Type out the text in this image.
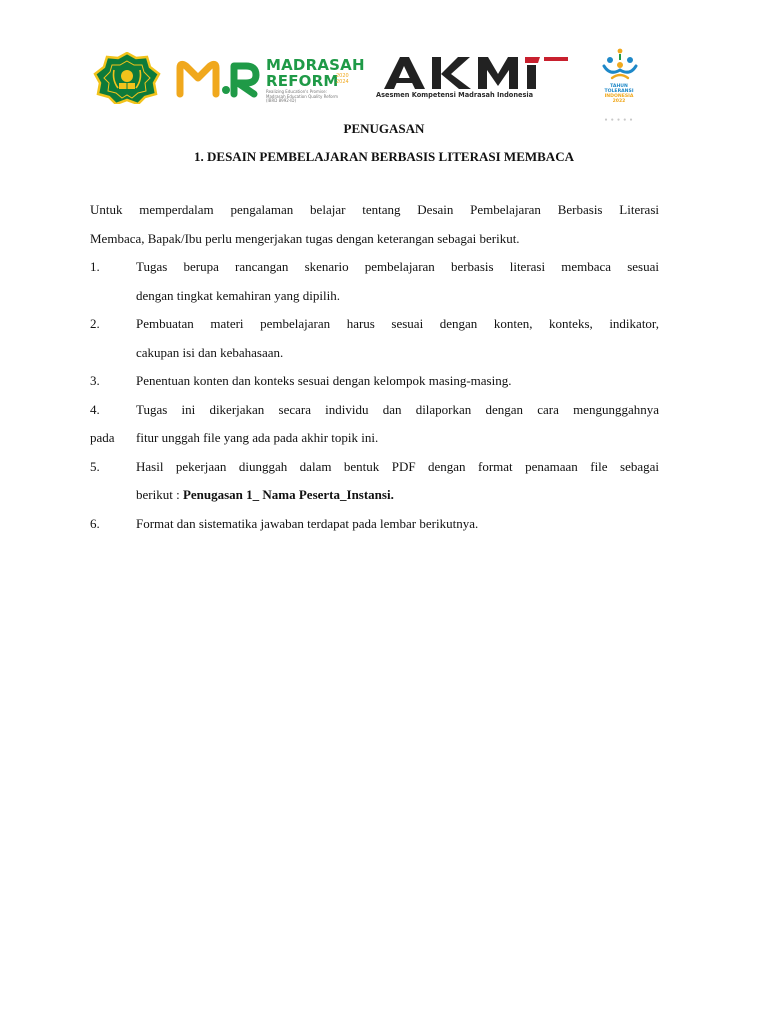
MADRASAH
REFORM
2020
2024
Realizing Education's Promise:
Madrasah Education Quality Reform
(IBRD 8992-ID)
Asesmen Kompetensi Madrasah Indonesia
TAHUN
TOLERANSI
INDONESIA
2022
● ● ● ● ●
PENUGASAN
1. DESAIN PEMBELAJARAN BERBASIS LITERASI MEMBACA

Untuk memperdalam pengalaman belajar tentang Desain Pembelajaran Berbasis Literasi

Membaca, Bapak/Ibu perlu mengerjakan tugas dengan keterangan sebagai berikut.

1.	Tugas berupa rancangan skenario pembelajaran berbasis literasi membaca sesuai

dengan tingkat kemahiran yang dipilih.

2.	Pembuatan materi pembelajaran harus sesuai dengan konten, konteks, indikator,

cakupan isi dan kebahasaan.

3.	Penentuan konten dan konteks sesuai dengan kelompok masing-masing.
4.	Tugas ini dikerjakan secara individu dan dilaporkan dengan cara mengunggahnya

pada fitur unggah file yang ada pada akhir topik ini.

5.	Hasil pekerjaan diunggah dalam bentuk PDF dengan format penamaan file sebagai

berikut : Penugasan 1_ Nama Peserta_Instansi.

6.	Format dan sistematika jawaban terdapat pada lembar berikutnya.
